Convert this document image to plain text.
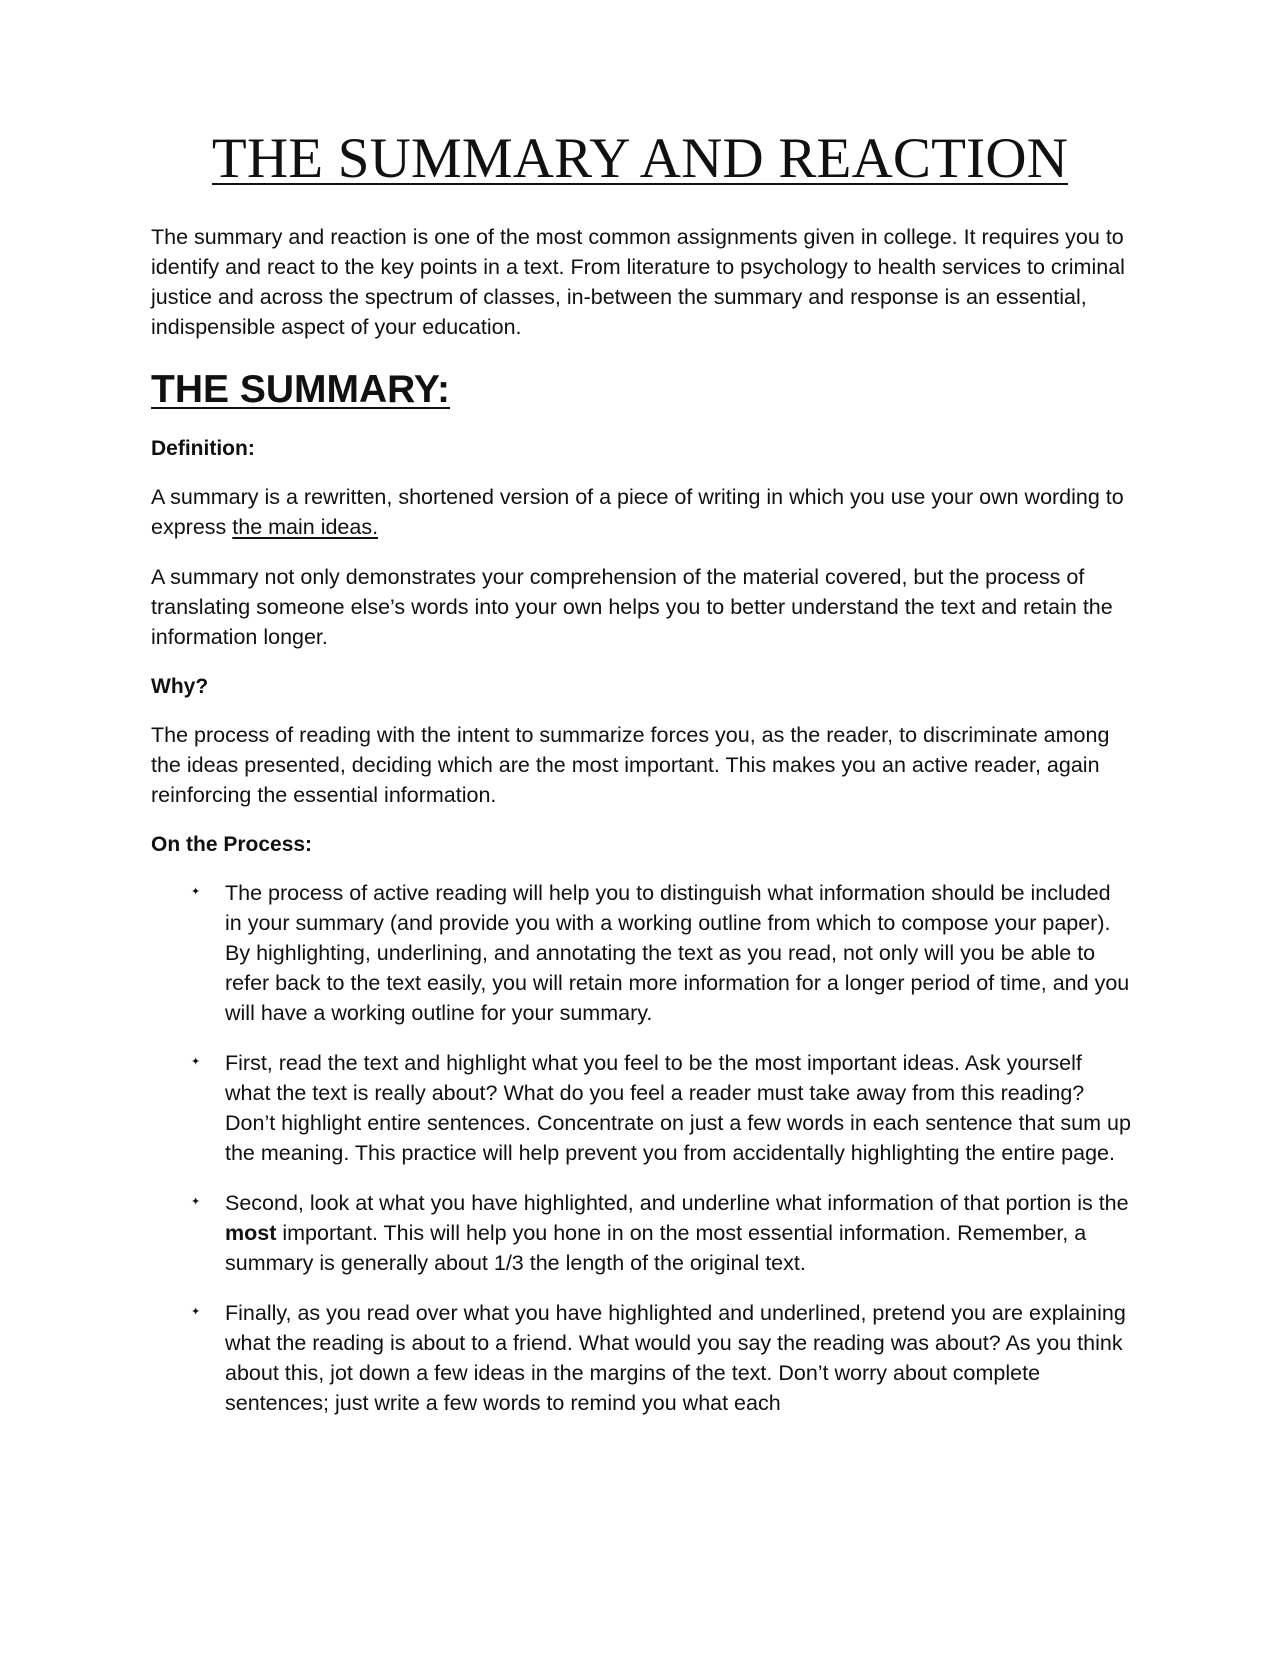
THE SUMMARY AND REACTION

The summary and reaction is one of the most common assignments given in college. It requires you to identify and react to the key points in a text. From literature to psychology to health services to criminal justice and across the spectrum of classes, in-between the summary and response is an essential, indispensible aspect of your education.

THE SUMMARY:
Definition:

A summary is a rewritten, shortened version of a piece of writing in which you use your own wording to express the main ideas.

A summary not only demonstrates your comprehension of the material covered, but the process of translating someone else’s words into your own helps you to better understand the text and retain the information longer.

Why?

The process of reading with the intent to summarize forces you, as the reader, to discriminate among the ideas presented, deciding which are the most important. This makes you an active reader, again reinforcing the essential information.

On the Process:
✦ The process of active reading will help you to distinguish what information should be included in your summary (and provide you with a working outline from which to compose your paper). By highlighting, underlining, and annotating the text as you read, not only will you be able to refer back to the text easily, you will retain more information for a longer period of time, and you will have a working outline for your summary.
✦ First, read the text and highlight what you feel to be the most important ideas. Ask yourself what the text is really about? What do you feel a reader must take away from this reading? Don’t highlight entire sentences. Concentrate on just a few words in each sentence that sum up the meaning. This practice will help prevent you from accidentally highlighting the entire page.
✦ Second, look at what you have highlighted, and underline what information of that portion is the most important. This will help you hone in on the most essential information. Remember, a summary is generally about 1/3 the length of the original text.
✦ Finally, as you read over what you have highlighted and underlined, pretend you are explaining what the reading is about to a friend. What would you say the reading was about? As you think about this, jot down a few ideas in the margins of the text. Don’t worry about complete sentences; just write a few words to remind you what each
